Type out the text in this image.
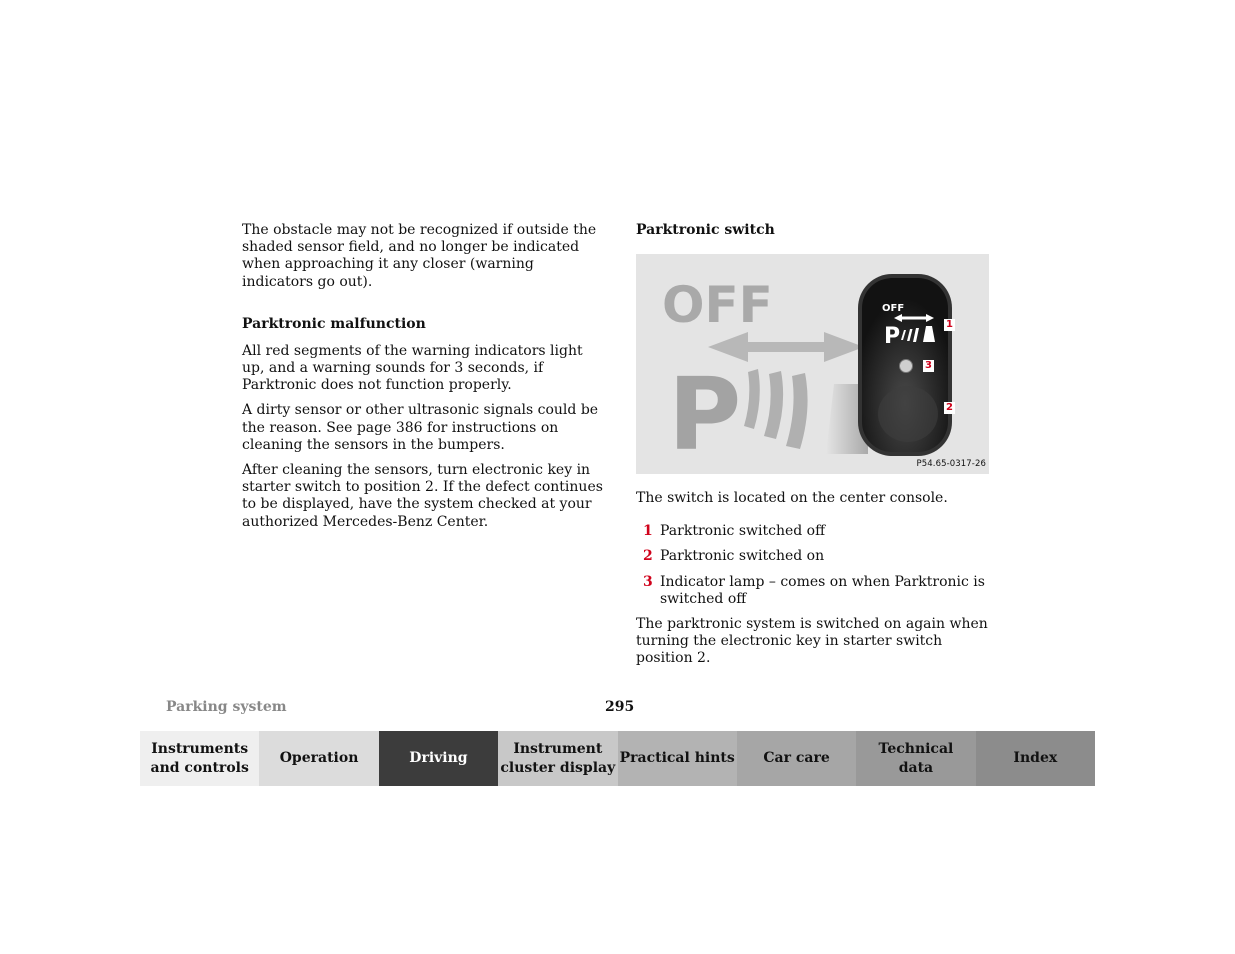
The obstacle may not be recognized if outside the shaded sensor field, and no longer be indicated when approaching it any closer (warning indicators go out).

Parktronic malfunction

All red segments of the warning indicators light up, and a warning sounds for 3 seconds, if Parktronic does not function properly.

A dirty sensor or other ultrasonic signals could be the reason. See page 386 for instructions on cleaning the sensors in the bumpers.

After cleaning the sensors, turn electronic key in starter switch to position 2. If the defect continues to be displayed, have the system checked at your authorized Mercedes-Benz Center.

Parktronic switch
OFF
P
OFF
P	1
3
2
P54.65-0317-26

The switch is located on the center console.

1 Parktronic switched off
2 Parktronic switched on
3 Indicator lamp – comes on when Parktronic is switched off

The parktronic system is switched on again when turning the electronic key in starter switch position 2.

Parking system	295
Instruments
and controls
Operation	Driving
Instrument
cluster display
Practical hints	Car care
Technical
data
Index
